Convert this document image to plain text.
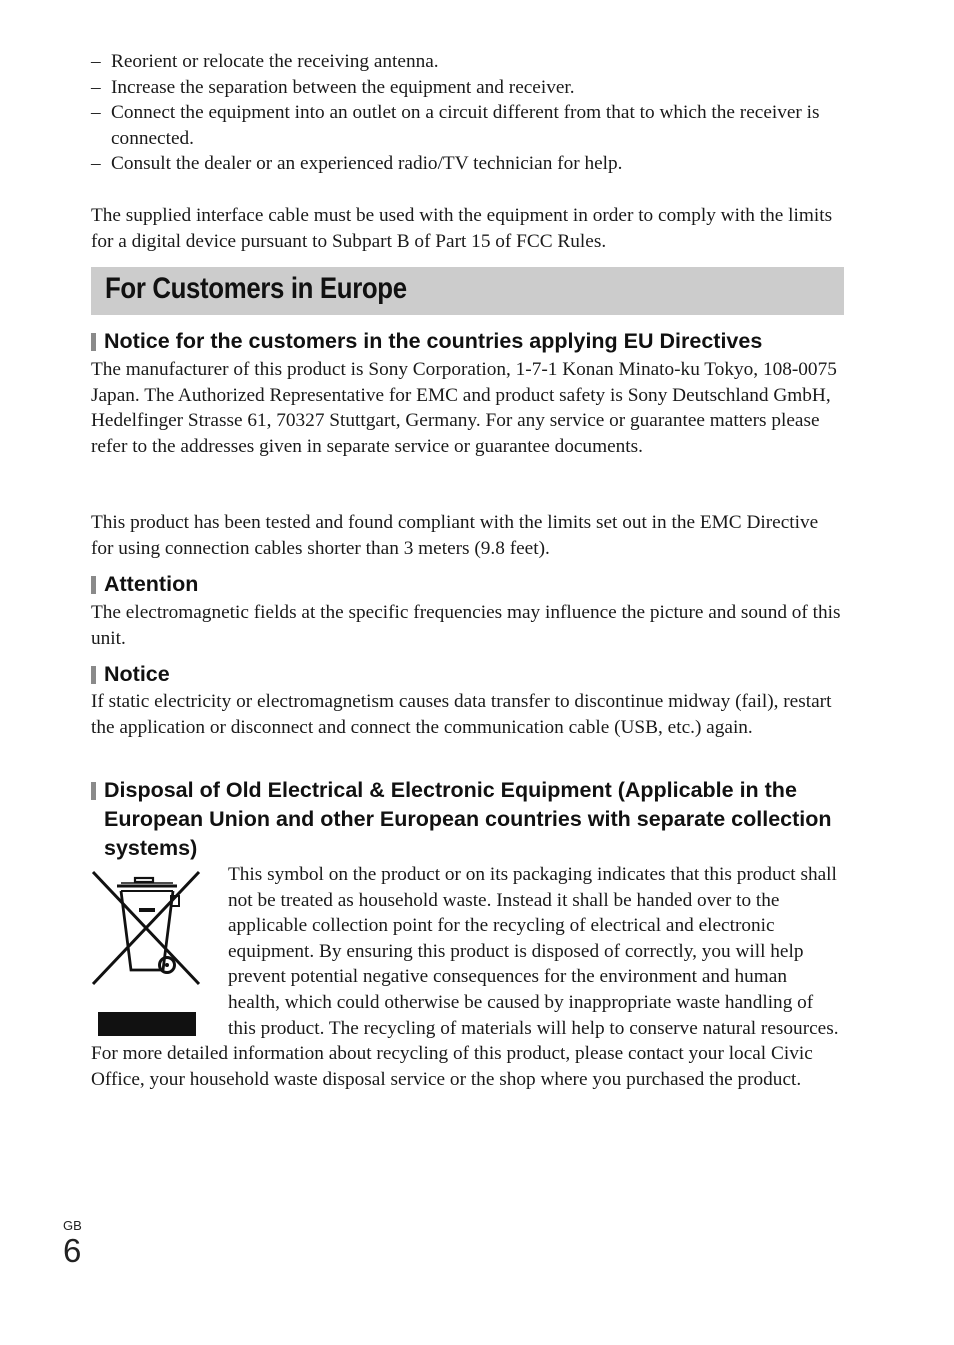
– Reorient or relocate the receiving antenna.
– Increase the separation between the equipment and receiver.
– Connect the equipment into an outlet on a circuit different from that to which the receiver is connected.
– Consult the dealer or an experienced radio/TV technician for help.

The supplied interface cable must be used with the equipment in order to comply with the limits for a digital device pursuant to Subpart B of Part 15 of FCC Rules.

For Customers in Europe
Notice for the customers in the countries applying EU Directives

The manufacturer of this product is Sony Corporation, 1-7-1 Konan Minato-ku Tokyo, 108-0075 Japan. The Authorized Representative for EMC and product safety is Sony Deutschland GmbH, Hedelfinger Strasse 61, 70327 Stuttgart, Germany. For any service or guarantee matters please refer to the addresses given in separate service or guarantee documents.

This product has been tested and found compliant with the limits set out in the EMC Directive for using connection cables shorter than 3 meters (9.8 feet).

Attention

The electromagnetic fields at the specific frequencies may influence the picture and sound of this unit.

Notice

If static electricity or electromagnetism causes data transfer to discontinue midway (fail), restart the application or disconnect and connect the communication cable (USB, etc.) again.

Disposal of Old Electrical & Electronic Equipment (Applicable in the European Union and other European countries with separate collection systems)
This symbol on the product or on its packaging indicates that this product shall not be treated as household waste. Instead it shall be handed over to the applicable collection point for the recycling of electrical and electronic equipment. By ensuring this product is disposed of correctly, you will help prevent potential negative consequences for the environment and human health, which could otherwise be caused by inappropriate waste handling of this product. The recycling of materials will help to conserve natural resources. For more detailed information about recycling of this product, please contact your local Civic Office, your household waste disposal service or the shop where you purchased the product.
GB
6
